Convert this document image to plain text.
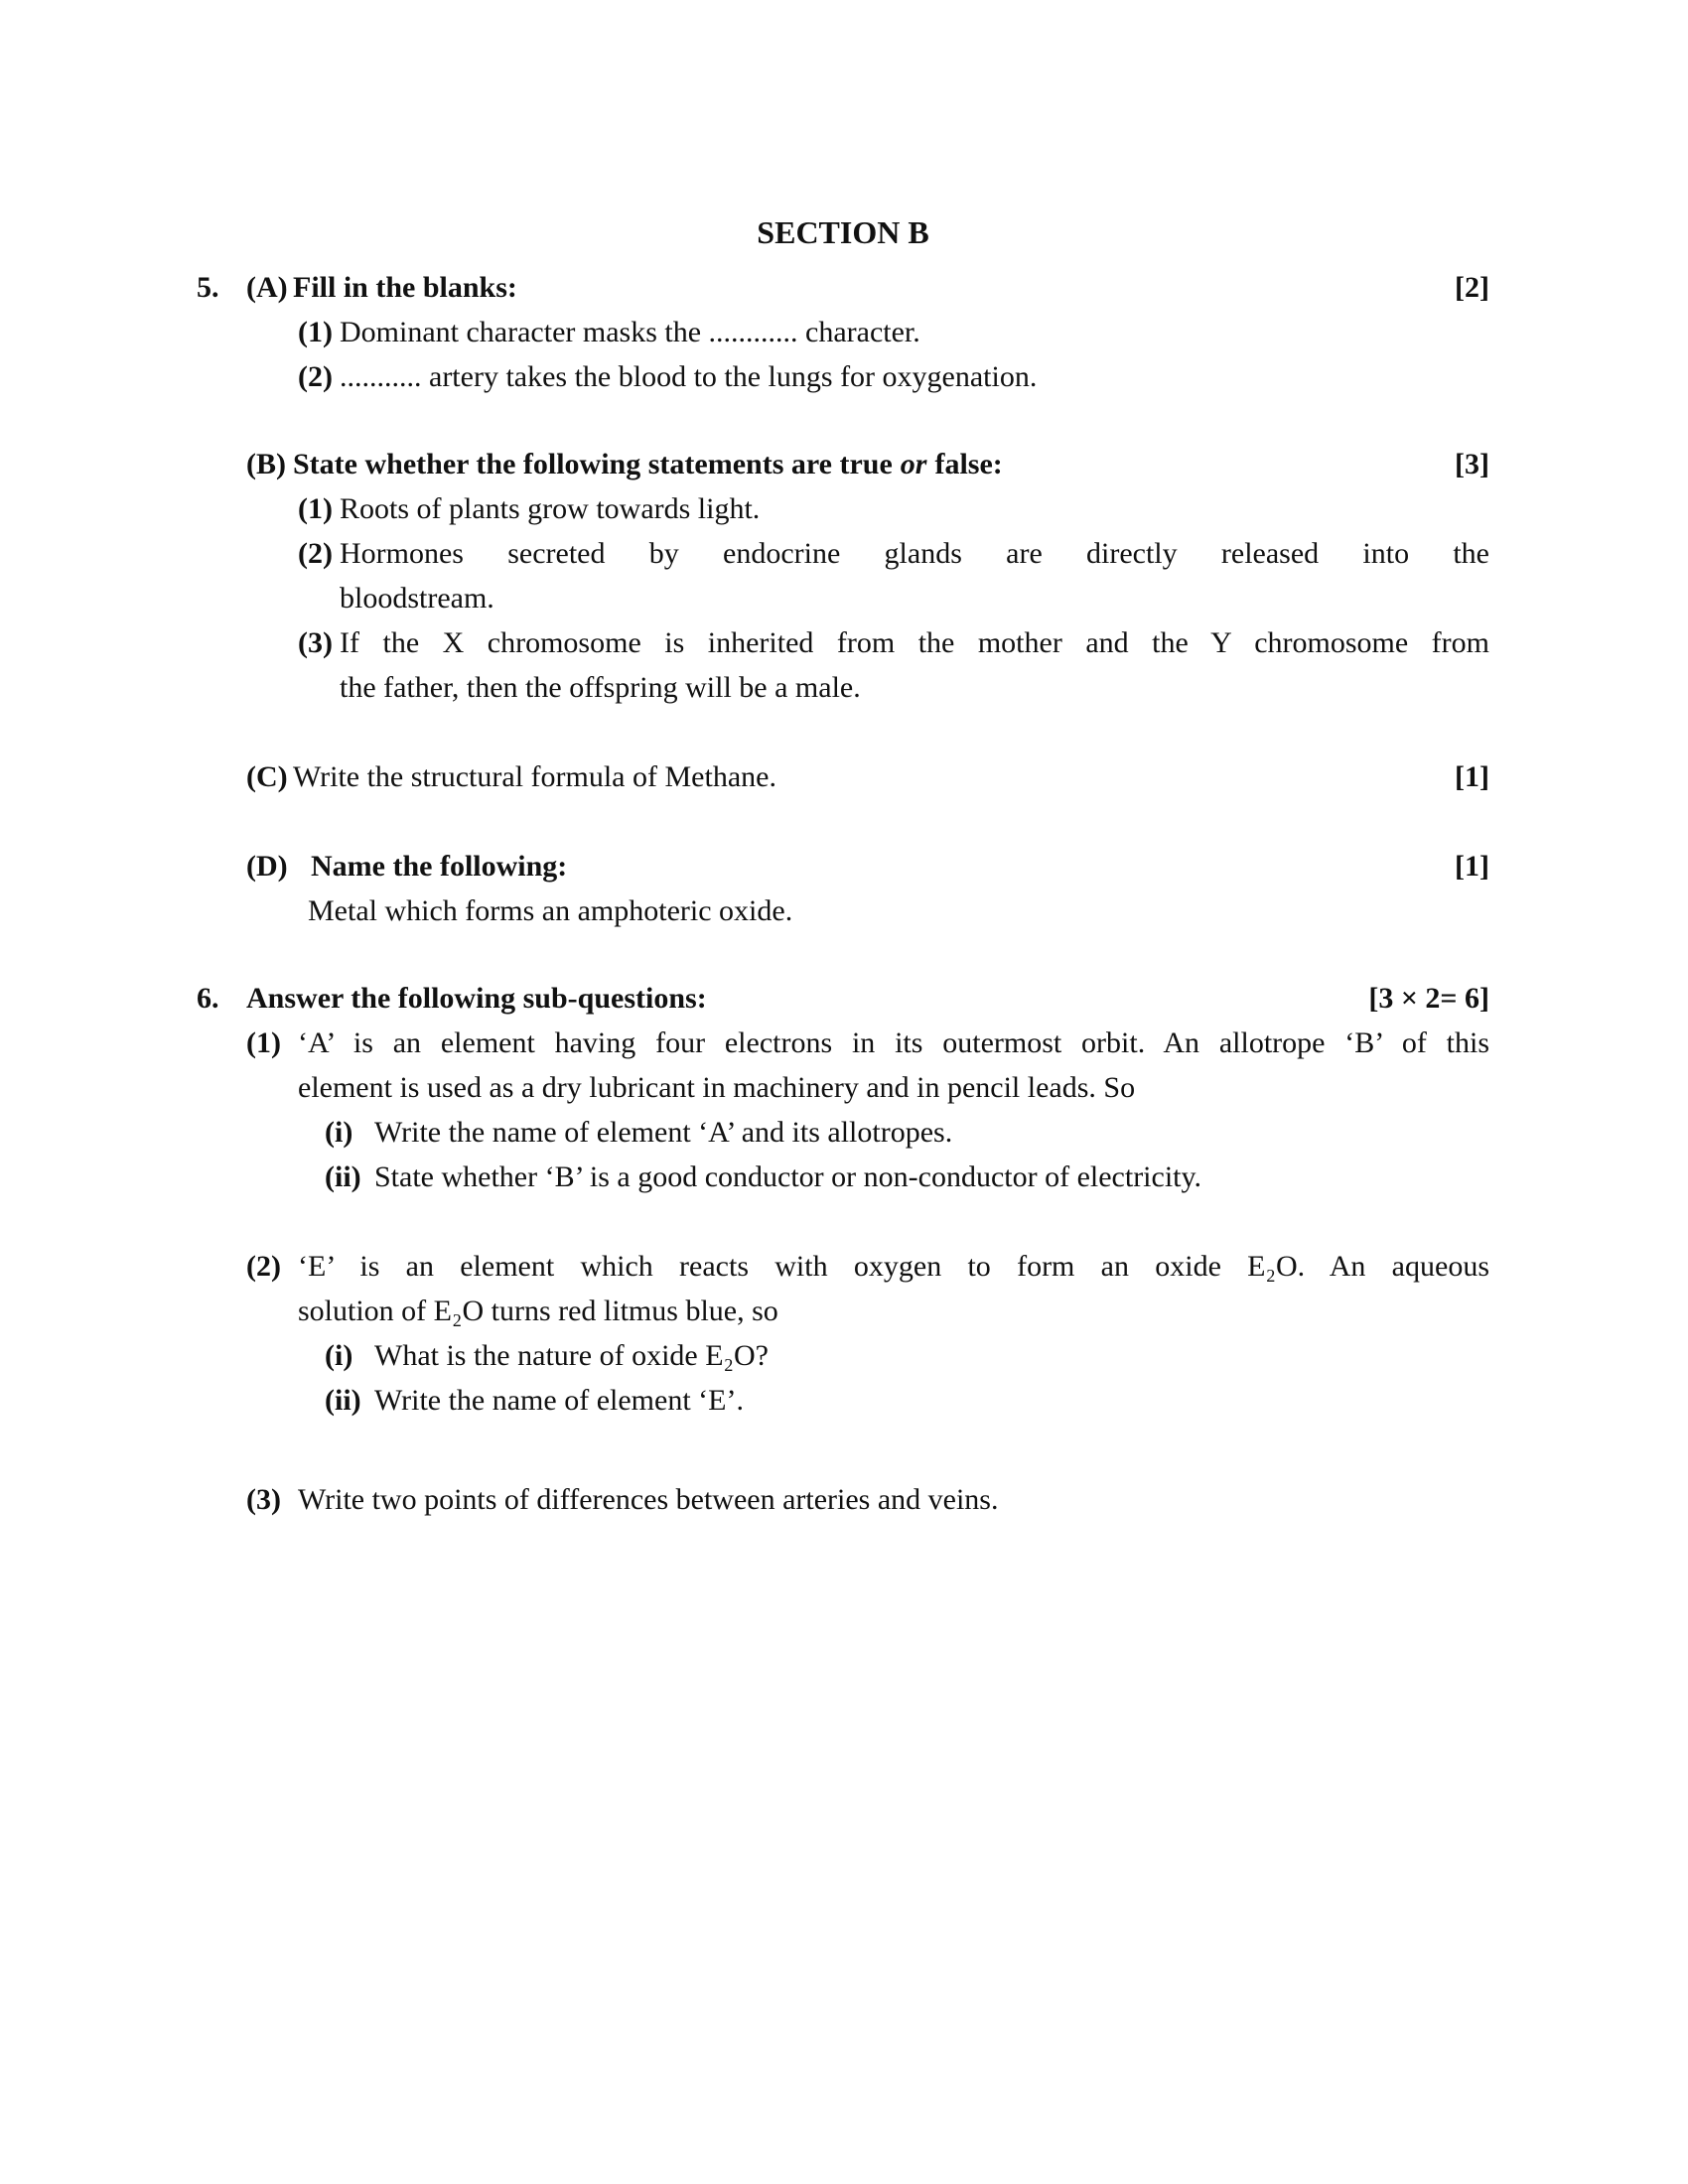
SECTION B
5. (A) Fill in the blanks:	[2]
(1) Dominant character masks the ............ character.
(2) ........... artery takes the blood to the lungs for oxygenation.
(B) State whether the following statements are true or false:	[3]
(1) Roots of plants grow towards light.
(2) Hormones secreted by endocrine glands are directly released into the
bloodstream.
(3) If the X chromosome is inherited from the mother and the Y chromosome from
the father, then the offspring will be a male.
(C) Write the structural formula of Methane.	[1]
(D) Name the following:	[1]
Metal which forms an amphoteric oxide.
6. Answer the following sub-questions:	[3 × 2= 6]
(1) ‘A’ is an element having four electrons in its outermost orbit. An allotrope ‘B’ of this
element is used as a dry lubricant in machinery and in pencil leads. So
(i) Write the name of element ‘A’ and its allotropes.
(ii) State whether ‘B’ is a good conductor or non-conductor of electricity.
(2) ‘E’ is an element which reacts with oxygen to form an oxide E₂O. An aqueous
solution of E₂O turns red litmus blue, so
(i) What is the nature of oxide E₂O?
(ii) Write the name of element ‘E’.
(3) Write two points of differences between arteries and veins.
